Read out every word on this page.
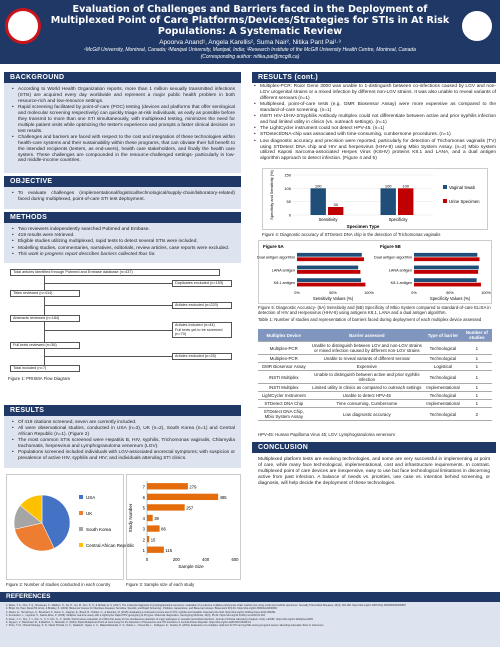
Evaluation of Challenges and Barriers faced in the Deployment of Multiplexed Point of Care Platforms/Devices/Strategies for STIs in At Risk Populations: A Systematic Review
Apoorva Anand¹, Angela Karellis², Suma Nair², Nitika Pant Pai¹·³
¹McGill University, Montreal, Canada; ²Manipal University, Manipal, India; ³Research Institute of the McGill University Health Centre, Montreal, Canada
(Corresponding author: nitika.pai@mcgill.ca)
BACKGROUND
• According to World Health Organization reports, more than 1 million sexually transmitted infections (STIs) are acquired every day worldwide and represent a major public health problem in both resource-rich and low-resource settings.
• Rapid screening facilitated by point-of-care (POC) testing (devices and platforms that offer serological and molecular screening respectively) can quickly triage at-risk individuals, as early as possible before they transmit to more than one STI simultaneously, with multiplexed testing, minimizes the need for multiple patient visits while optimizing the tester's experience and prompts a faster clinical decision on test results.
• Challenges and barriers are faced with respect to the cost and integration of these technologies within health-care systems and their sustainability within these programs, that can obviate their full benefit to the intended recipients (testers, as end-users), health care stakeholders, and finally the health care system. These challenges are compounded in the resource-challenged settings- particularly in low- and middle-income countries.
OBJECTIVE
• To evaluate challenges (implementational/logistical/technological/supply-chain/laboratory-related) faced during multiplexed, point-of-care STI test deployment.
METHODS
• Two reviewers independently searched Pubmed and Embase.
• 419 results were retrieved.
• Eligible studies utilizing multiplexed, rapid tests to detect several STIs were included.
• Modelling studies, commentaries, narratives, editorials, review articles, case reports were excluded.
• This work in progress report describes barriers collected thus far.
Total articles identified through Pubmed and Embase database (n=437)
Duplicates excluded (n=153)
Titles reviewed (n=414)
Articles excluded (n=220)
Abstracts reviewed (n=184)
Articles included (n=44)
Full texts yet to be screened (n=70)
Full texts reviewed (n=36)
Articles excluded (n=28)
Total included (n=7)
Figure 1: PRISMA Flow Diagram
RESULTS
• Of 419 citations screened, seven are currently included.
• All were observational studies, conducted in USA (n=3), UK (n=2), South Korea (n=1) and Central African Republic (n=1). (Figure 2)
• The most common STIs screened were Hepatitis B, HIV, syphilis, Trichomonas vaginalis, Chlamydia trachomatis, herpesvirus and Lymphogranuloma venereum (LGV).
• Populations screened included individuals with LGV-associated anorectal symptoms; with suspicion or prevalence of active HIV, syphilis and HIV; and individuals attending STI clinics.
USA
UK
South Korea
Central African Republic
Figure 2: Number of studies conducted in each country
115
1
15
2
86
3
39
4
257
5
485
6
279
7
0	200	400	600
Sample Size
Study Number
Figure 3: Sample size of each study
RESULTS (cont.)
• Multiplex-PCR: Roior Gene 3000 was unable to 1-distinguish between co-infections caused by LGV and non-LGV urogenital strains or a mixed infection by different non-LGV strains. It was also unable to reveal variants of different serovars (n=1)
• Multiplexed, point-of-care tests (e.g. GMR Biosensor Assay) were more expensive as compared to the standard-of-care screening. (n=1)
• INSTI HIV-1/HIV-2/Syphilis Antibody multiplex could not differentiate between active and prior syphilis infection and had limited utility in clinics (vs. outreach settings). (n=1)
• The LightCycler instrument could not detect HPV-45. (n=1)
• STDetect/DNA-chip was associated with time-consuming, cumbersome procedures. (n=1)
• Low diagnostic accuracy and precision were reported, particularly for detection of Trichomonas vaginalis (TV) using STDetect DNA chip and HIV and herpesvirus (HHV-8) using Mbio System Assay. (n=2) Mbio system utilized Kaposi Sarcoma-associated Herpes Virus (KSHV) proteins K8.1 and LANA, and a dual antigen algorithm approach to detect infection. (Figure 4 and 5)
0
50
100
150
100
30
Sensitivity
100	100
Specificity
Specimen Type
Specificity and Sensitivity (%)	Vaginal Swab
Urine Specimen
Figure 4: Diagnostic accuracy of STDetect DNA chip in the detection of Trichomonas vaginalis
Figure 5A
Dual antigen algorithm
LANA antigen
K8.1 antigen
0%	50%	100%
Sensitivity Values (%)
Figure 5B
Dual antigen algorithm
LANA antigen
K8.1 antigen
0%	50%	100%
Specificity Values (%)
Figure 5: Diagnostic Accuracy- (5A) Sensitivity and (5B) Specificity of Mbio System compared to standard-of-care ELISA in detection of HIV and Herpesvirus (HHV-8) using antigens K8.1, LANA and a dual antigen algorithm.
Table 1: Number of studies and representation of barriers faced during deployment of each multiplex device assessed
Multiplex Device	Barrier assessed	Type of barrier	Number of studies
Multiplex-PCR	Unable to distinguish between LGV and non-LGV strains or mixed infection caused by different non-LGV strains	Technological	1
Multiplex-PCR	Unable to reveal variants of different serovar	Technological	1
GMR Biosensor Assay	Expensive	Logistical	1
INSTI Multiplex	Unable to distinguish between active and prior syphilis infection	Technological	1
INSTI Multiplex	Limited utility in clinics as compared to outreach settings	Implementational	1
LightCycler Instrument	Unable to detect HPV-45	Technological	1
STDetect DNA Chip	Time consuming, Cumbersome	Implementational	1
STDetect DNA Chip, Mbio System Assay	Low diagnostic accuracy	Technological	2
HPV-45: Human Papilloma Virus 45; LGV: Lymphogranuloma venereum
CONCLUSION
Multiplexed platform tests are evolving technologies, and some are very successful in implementing at point of care, while many face technological, implementational, cost and infrastructure requirements. In contrast, multiplexed point of care devices are inexpensive, easy to use but face technological limitations in discerning active from past infection. A balance of needs vs. priorities, use case vs. intention behind screening, or diagnosis, will help decide the deployment of these technologies.
REFERENCES
1. Ricke, T. A., Chu, T. Q., Rousseau, C., Matthys, H., Sa, H., Gu, M., Kim, S. H., & Abbate, E. S. (2017). The molecular diagnosis of lymphogranuloma venereum: evaluation of a real-time multiplex polymerase chain reaction test using rectal and urethral specimens. Sexually Transmitted Diseases, 44(3), 181-182. https://doi.org/10.1097/OLQ.0000000000000567
2. Bhatt, Ck, Paul, Dana Hill, Ernst, & Bradley, S. (2019). Biosensor Assays for Infectious diseases: Sensitive, Specific, and Rapid Screening - Pollution, Aquaculture, and Biosensor Assays. Biosensors 9(3) 81. https://doi.org/10.3390/bios9030081
3. Moore, E., Humphreys, S., Bouchard, F., Davis, K., Gagnier, E., Brauli, B., Hubber, C., & Daumke, M. (2015). Evaluating a multi-point-of-care test for HIV, syphilis and hepatitis: Assessing the field, https://doi.org/10.1136/sextrans-2014-051891
4. Fernandez, L., Legrand, S., Sainte-Rose, P. (2018). Multiplex real-time assay with a LightCycler Rapid HPV genotyping of 45 types. Molecular diagnostics. Genotyping Methods, 42(3), 35-42. https://doi.org/10.1016/j.mol.2018.01.003
5. Kwon, J. C., Kim, J. Y., Kim, S., C. K. Kim, S., C. (2016). Performance evaluation of a DNA chip assay for the simultaneous detection of major pathogens in sexually transmitted infections. Journal of Clinical Laboratory Analysis, 31(1): e22081. https://doi.org/10.1002/jcla.22081
6. Nguyen, V., Blanchard, B., & Madhuri, V., Sikandar, K. (2020). Rapid Multiplexed Point-of-Care Assay for the Detection of Herpesvirus and HIV Infections in Central African Republic. https://doi.org/10.1128/JCM.00045-19
7. Pinto, T. M., Ohavat Mutinge, S. R., Maria Tchinda, Fl, C., Natalia D., Ngwa, A. C., Makambibukuita, C. S., Dahia, L., Onsemble, L., Dubiguez, E., Teanka, D. (2019). Evaluation of a multiplex rapid test for HIV and syphilis among pregnant women attending antenatal clinics in Cameroon.
